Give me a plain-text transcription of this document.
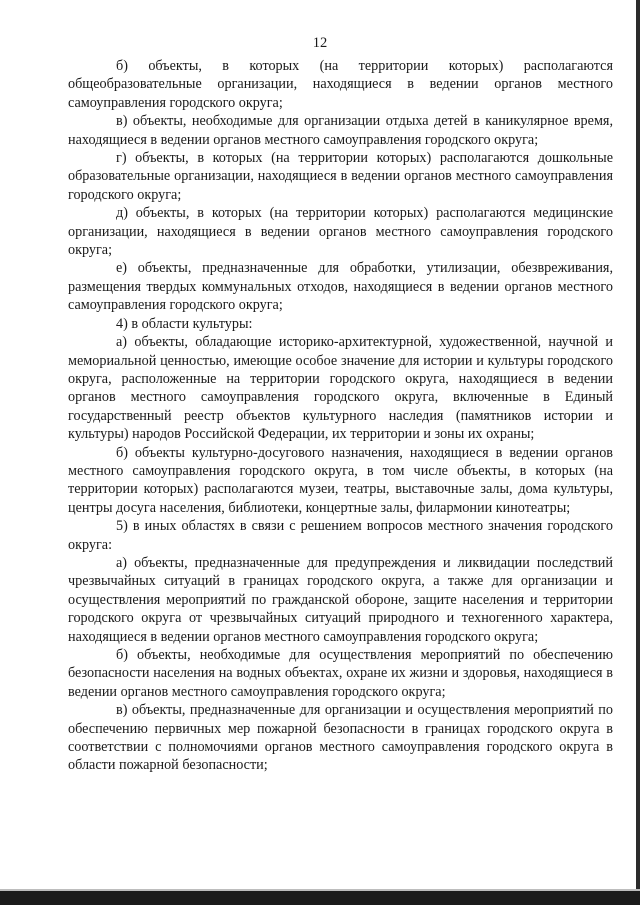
12

б) объекты, в которых (на территории которых) располагаются общеобразовательные организации, находящиеся в ведении органов местного самоуправления городского округа;

в) объекты, необходимые для организации отдыха детей в каникулярное время, находящиеся в ведении органов местного самоуправления городского округа;

г) объекты, в которых (на территории которых) располагаются дошкольные образовательные организации, находящиеся в ведении органов местного самоуправления городского округа;

д) объекты, в которых (на территории которых) располагаются медицинские организации, находящиеся в ведении органов местного самоуправления городского округа;

е) объекты, предназначенные для обработки, утилизации, обезвреживания, размещения твердых коммунальных отходов, находящиеся в ведении органов местного самоуправления городского округа;

4) в области культуры:

а) объекты, обладающие историко-архитектурной, художественной, научной и мемориальной ценностью, имеющие особое значение для истории и культуры городского округа, расположенные на территории городского округа, находящиеся в ведении органов местного самоуправления городского округа, включенные в Единый государственный реестр объектов культурного наследия (памятников истории и культуры) народов Российской Федерации, их территории и зоны их охраны;

б) объекты культурно-досугового назначения, находящиеся в ведении органов местного самоуправления городского округа, в том числе объекты, в которых (на территории которых) располагаются музеи, театры, выставочные залы, дома культуры, центры досуга населения, библиотеки, концертные залы, филармонии кинотеатры;

5) в иных областях в связи с решением вопросов местного значения городского округа:

а) объекты, предназначенные для предупреждения и ликвидации последствий чрезвычайных ситуаций в границах городского округа, а также для организации и осуществления мероприятий по гражданской обороне, защите населения и территории городского округа от чрезвычайных ситуаций природного и техногенного характера, находящиеся в ведении органов местного самоуправления городского округа;

б) объекты, необходимые для осуществления мероприятий по обеспечению безопасности населения на водных объектах, охране их жизни и здоровья, находящиеся в ведении органов местного самоуправления городского округа;

в) объекты, предназначенные для организации и осуществления мероприятий по обеспечению первичных мер пожарной безопасности в границах городского округа в соответствии с полномочиями органов местного самоуправления городского округа в области пожарной безопасности;
